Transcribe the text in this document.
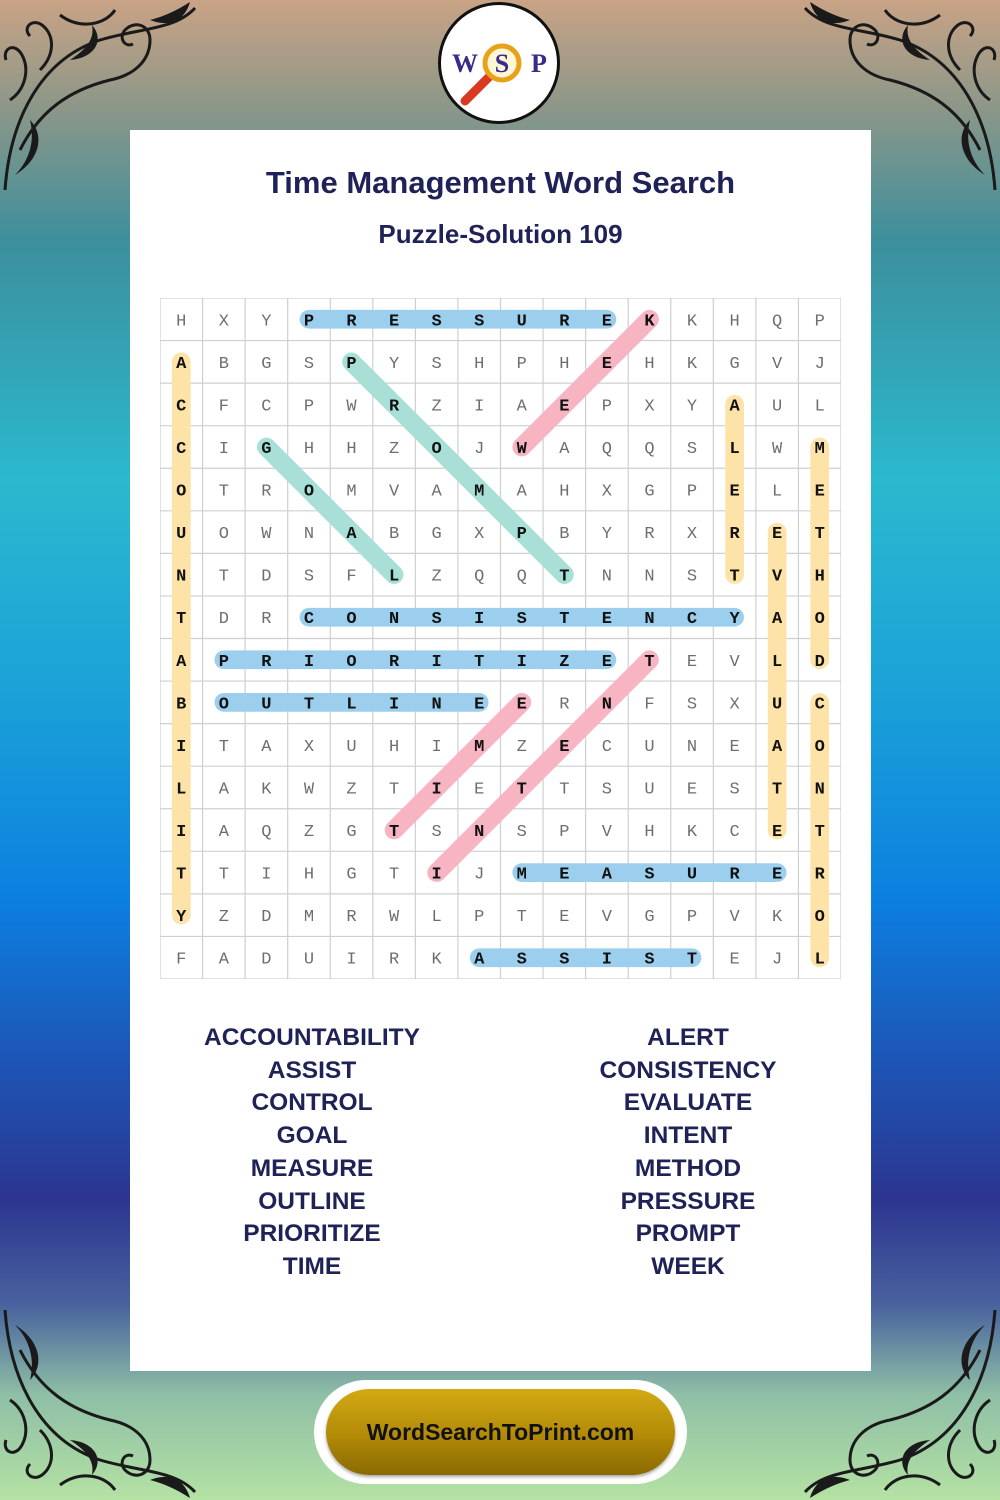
W S P
Time Management Word Search
Puzzle-Solution 109
H X Y P R E S S U R E K K H Q P
A B G S P Y S H P H E H K G V J
C F C P W R Z I A E P X Y A U L
C I G H H Z O J W A Q Q S L W M
O T R O M V A M A H X G P E L E
U O W N A B G X P B Y R X R E T
N T D S F L Z Q Q T N N S T V H
T D R C O N S I S T E N C Y A O
A P R I O R I T I Z E T E V L D
B O U T L I N E E R N F S X U C
I T A X U H I M Z E C U N E A O
L A K W Z T I E T T S U E S T N
I A Q Z G T S N S P V H K C E T
T T I H G T I J M E A S U R E R
Y Z D M R W L P T E V G P V K O
F A D U I R K A S S I S T E J L
ACCOUNTABILITY
ASSIST
CONTROL
GOAL
MEASURE
OUTLINE
PRIORITIZE
TIME
ALERT
CONSISTENCY
EVALUATE
INTENT
METHOD
PRESSURE
PROMPT
WEEK
WordSearchToPrint.com
